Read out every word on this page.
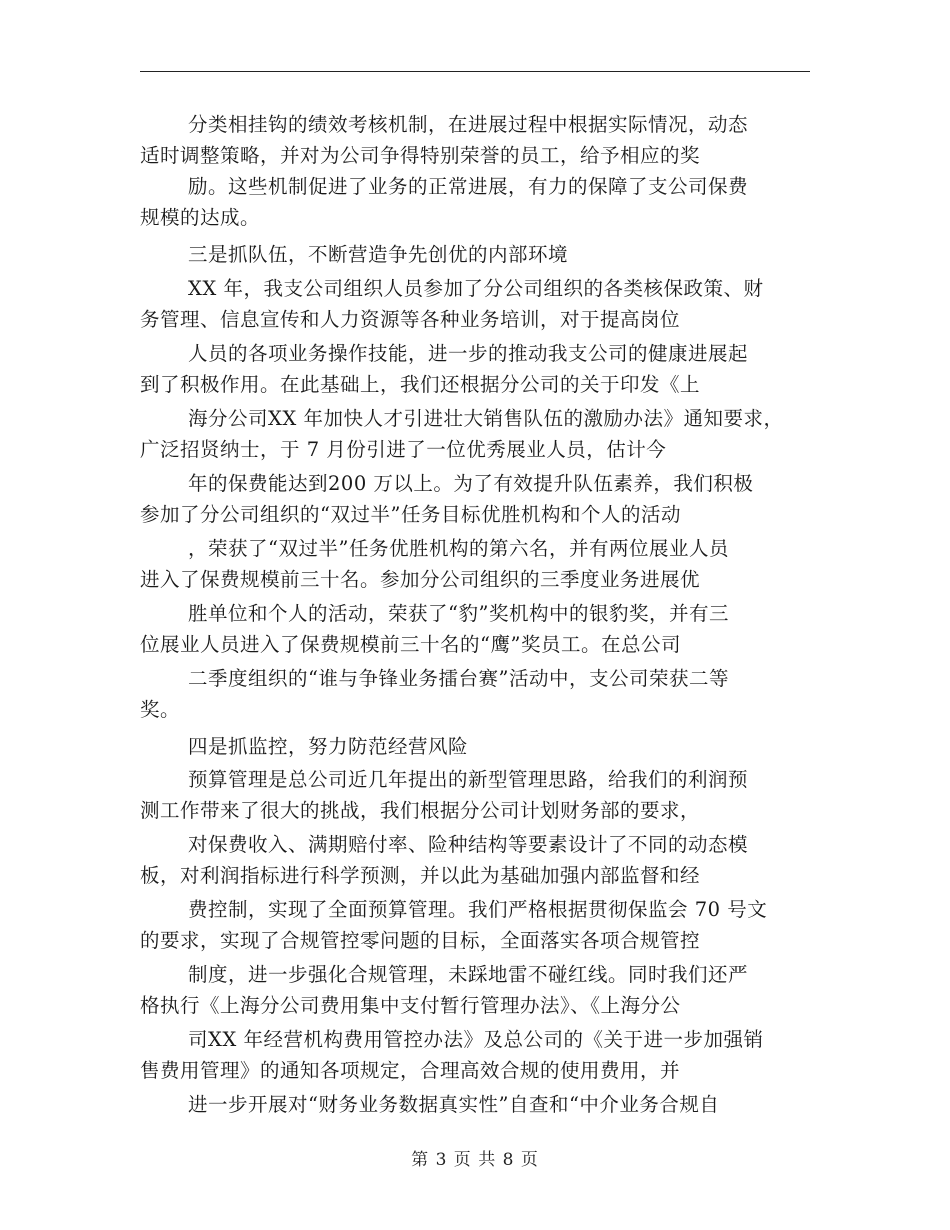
分类相挂钩的绩效考核机制，在进展过程中根据实际情况，动态
适时调整策略，并对为公司争得特别荣誉的员工，给予相应的奖
励。这些机制促进了业务的正常进展，有力的保障了支公司保费
规模的达成。
三是抓队伍，不断营造争先创优的内部环境
XX 年，我支公司组织人员参加了分公司组织的各类核保政策、财
务管理、信息宣传和人力资源等各种业务培训，对于提高岗位
人员的各项业务操作技能，进一步的推动我支公司的健康进展起
到了积极作用。在此基础上，我们还根据分公司的关于印发《上
海分公司XX 年加快人才引进壮大销售队伍的激励办法》通知要求，
广泛招贤纳士，于 7 月份引进了一位优秀展业人员，估计今
年的保费能达到200 万以上。为了有效提升队伍素养，我们积极
参加了分公司组织的“双过半”任务目标优胜机构和个人的活动
，荣获了“双过半”任务优胜机构的第六名，并有两位展业人员
进入了保费规模前三十名。参加分公司组织的三季度业务进展优
胜单位和个人的活动，荣获了“豹”奖机构中的银豹奖，并有三
位展业人员进入了保费规模前三十名的“鹰”奖员工。在总公司
二季度组织的“谁与争锋业务擂台赛”活动中，支公司荣获二等
奖。
四是抓监控，努力防范经营风险
预算管理是总公司近几年提出的新型管理思路，给我们的利润预
测工作带来了很大的挑战，我们根据分公司计划财务部的要求，
对保费收入、满期赔付率、险种结构等要素设计了不同的动态模
板，对利润指标进行科学预测，并以此为基础加强内部监督和经
费控制，实现了全面预算管理。我们严格根据贯彻保监会 70 号文
的要求，实现了合规管控零问题的目标，全面落实各项合规管控
制度，进一步强化合规管理，未踩地雷不碰红线。同时我们还严
格执行《上海分公司费用集中支付暂行管理办法》、《上海分公
司XX 年经营机构费用管控办法》及总公司的《关于进一步加强销
售费用管理》的通知各项规定，合理高效合规的使用费用，并
进一步开展对“财务业务数据真实性”自查和“中介业务合规自
第 3 页 共 8 页
